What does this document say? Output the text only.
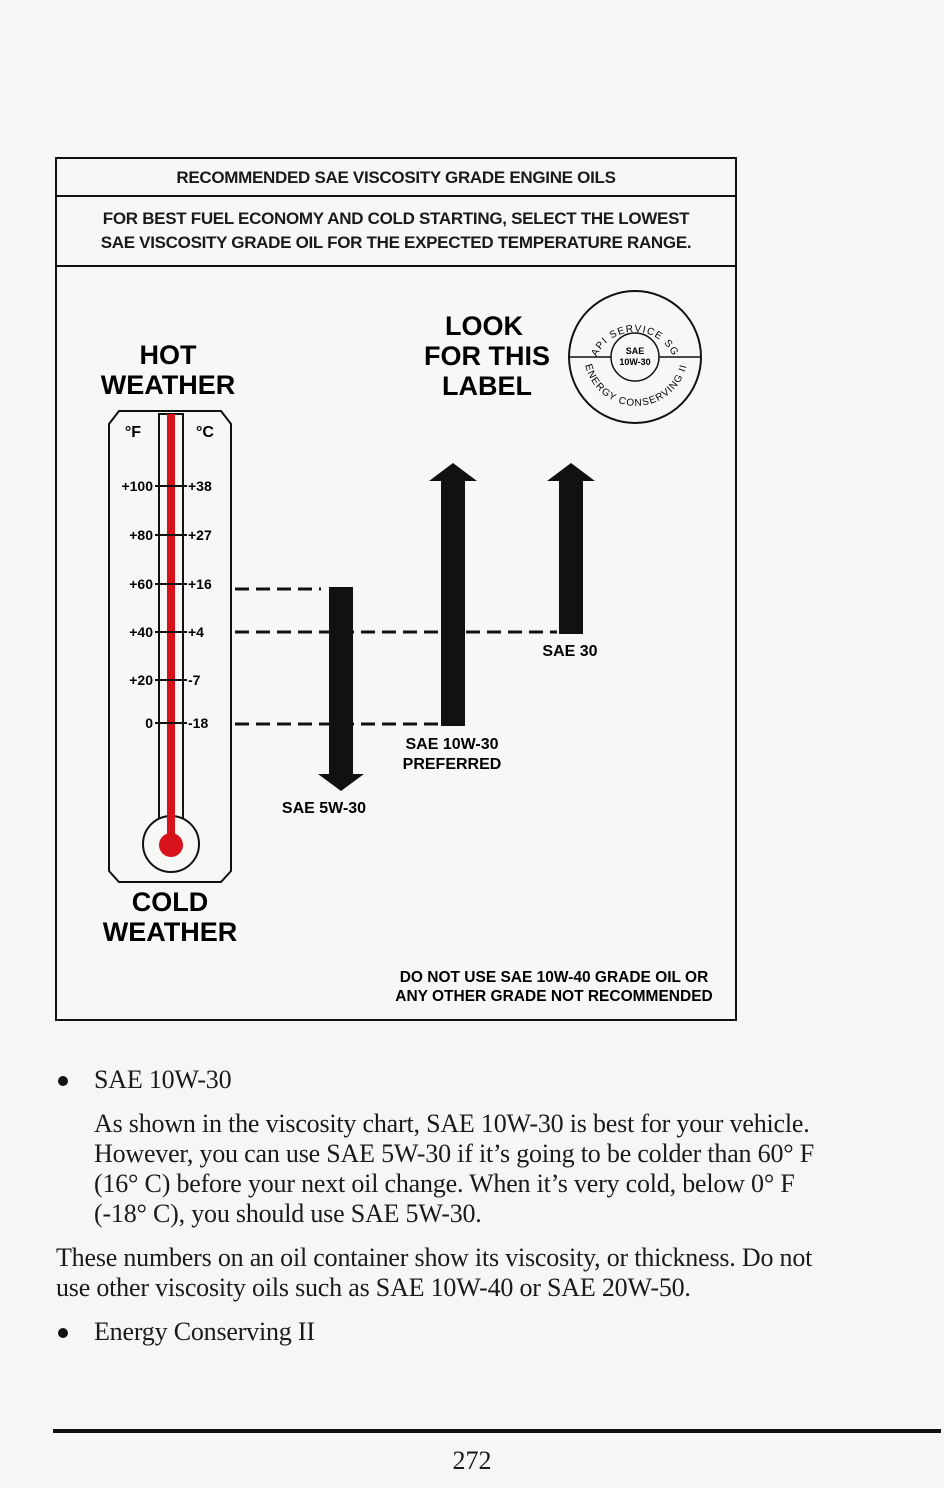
RECOMMENDED SAE VISCOSITY GRADE ENGINE OILS
FOR BEST FUEL ECONOMY AND COLD STARTING, SELECT THE LOWEST
SAE VISCOSITY GRADE OIL FOR THE EXPECTED TEMPERATURE RANGE.
HOT
WEATHER
°F	°C
+100	+38
+80	+27
+60	+16
+40	+4
+20	-7
0	-18
SAE 5W-30
SAE 10W-30
PREFERRED
SAE 30
LOOK
FOR THIS
LABEL
API SERVICE SG
ENERGY CONSERVING II
SAE
10W-30
COLD
WEATHER
DO NOT USE SAE 10W-40 GRADE OIL OR
ANY OTHER GRADE NOT RECOMMENDED
SAE 10W-30
As shown in the viscosity chart, SAE 10W-30 is best for your vehicle.
However, you can use SAE 5W-30 if it’s going to be colder than 60° F
(16° C) before your next oil change. When it’s very cold, below 0° F
(-18° C), you should use SAE 5W-30.
These numbers on an oil container show its viscosity, or thickness. Do not
use other viscosity oils such as SAE 10W-40 or SAE 20W-50.
Energy Conserving II
272
